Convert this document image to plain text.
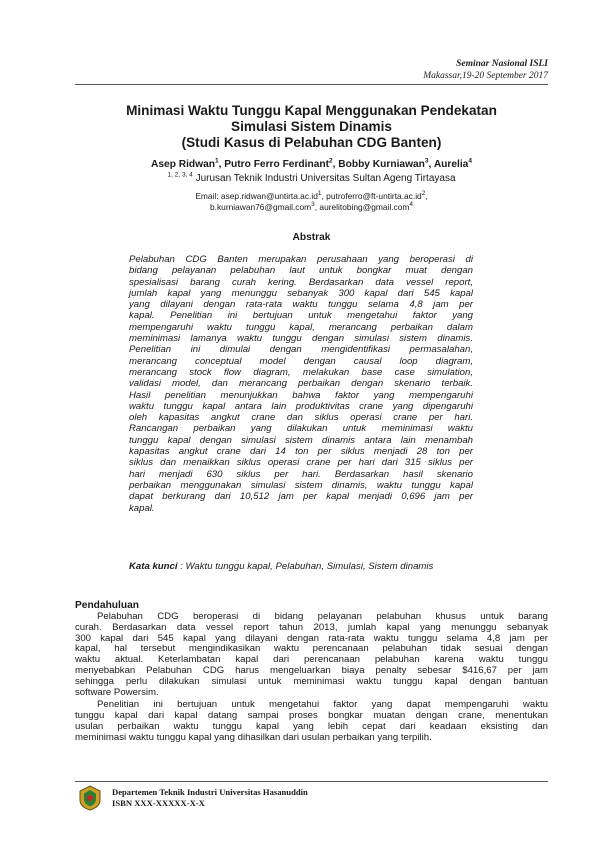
Seminar Nasional ISLI
Makassar,19-20 September 2017
Minimasi Waktu Tunggu Kapal Menggunakan Pendekatan
Simulasi Sistem Dinamis
(Studi Kasus di Pelabuhan CDG Banten)
Asep Ridwan$^1$, Putro Ferro Ferdinant$^2$, Bobby Kurniawan$^3$, Aurelia$^4$
$^{1, 2, 3, 4}$ Jurusan Teknik Industri Universitas Sultan Ageng Tirtayasa
Email: $asep.ridwan@untirta.ac.id^1$, $putroferro@ft-untirta.ac.id^2$,
b.kurniawan76@gmail.com$^3$, aurelitobing@gmail.com$^4$
Abstrak

Pelabuhan CDG Banten merupakan perusahaan yang beroperasi di

bidang pelayanan pelabuhan laut untuk bongkar muat dengan

spesialisasi barang curah kering. Berdasarkan data vessel report,

jumlah kapal yang menunggu sebanyak 300 kapal dari 545 kapal

yang dilayani dengan rata-rata waktu tunggu selama 4,8 jam per

kapal. Penelitian ini bertujuan untuk mengetahui faktor yang

mempengaruhi waktu tunggu kapal, merancang perbaikan dalam

meminimasi lamanya waktu tunggu dengan simulasi sistem dinamis.

Penelitian ini dimulai dengan mengidentifikasi permasalahan,

merancang conceptual model dengan causal loop diagram,

merancang stock flow diagram, melakukan base case simulation,

validasi model, dan merancang perbaikan dengan skenario terbaik.

Hasil penelitian menunjukkan bahwa faktor yang mempengaruhi

waktu tunggu kapal antara lain produktivitas crane yang dipengaruhi

oleh kapasitas angkut crane dan siklus operasi crane per hari.

Rancangan perbaikan yang dilakukan untuk meminimasi waktu

tunggu kapal dengan simulasi sistem dinamis antara lain menambah

kapasitas angkut crane dari 14 ton per siklus menjadi 28 ton per

siklus dan menaikkan siklus operasi crane per hari dari 315 siklus per

hari menjadi 630 siklus per hari. Berdasarkan hasil skenario

perbaikan menggunakan simulasi sistem dinamis, waktu tunggu kapal

dapat berkurang dari 10,512 jam per kapal menjadi 0,696 jam per

kapal.

Kata kunci : Waktu tunggu kapal, Pelabuhan, Simulasi, Sistem dinamis

Pendahuluan
Pelabuhan CDG beroperasi di bidang pelayanan pelabuhan khusus untuk barang
curah. Berdasarkan data vessel report tahun 2013, jumlah kapal yang menunggu sebanyak
300 kapal dari 545 kapal yang dilayani dengan rata-rata waktu tunggu selama 4,8 jam per
kapal, hal tersebut mengindikasikan waktu perencanaan pelabuhan tidak sesuai dengan
waktu aktual. Keterlambatan kapal dari perencanaan pelabuhan karena waktu tunggu
menyebabkan Pelabuhan CDG harus mengeluarkan biaya penalty sebesar $416,67 per jam
sehingga perlu dilakukan simulasi untuk meminimasi waktu tunggu kapal dengan bantuan
software Powersim.
Penelitian ini bertujuan untuk mengetahui faktor yang dapat mempengaruhi waktu
tunggu kapal dari kapal datang sampai proses bongkar muatan dengan crane, menentukan
usulan perbaikan waktu tunggu kapal yang lebih cepat dari keadaan eksisting dan
meminimasi waktu tunggu kapal yang dihasilkan dari usulan perbaikan yang terpilih.
Departemen Teknik Industri Universitas Hasanuddin
ISBN XXX-XXXXX-X-X
